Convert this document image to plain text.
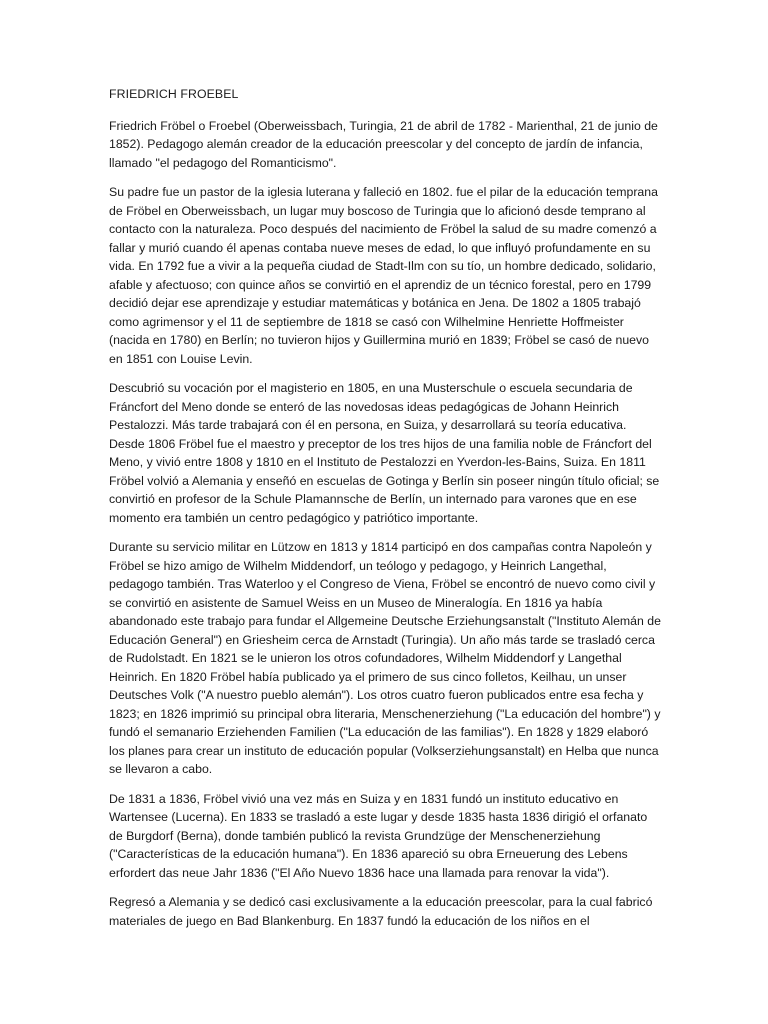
FRIEDRICH FROEBEL

Friedrich Fröbel o Froebel (Oberweissbach, Turingia, 21 de abril de 1782 - Marienthal, 21 de junio de 1852). Pedagogo alemán creador de la educación preescolar y del concepto de jardín de infancia, llamado "el pedagogo del Romanticismo".

Su padre fue un pastor de la iglesia luterana y falleció en 1802. fue el pilar de la educación temprana de Fröbel en Oberweissbach, un lugar muy boscoso de Turingia que lo aficionó desde temprano al contacto con la naturaleza. Poco después del nacimiento de Fröbel la salud de su madre comenzó a fallar y murió cuando él apenas contaba nueve meses de edad, lo que influyó profundamente en su vida. En 1792 fue a vivir a la pequeña ciudad de Stadt-Ilm con su tío, un hombre dedicado, solidario, afable y afectuoso; con quince años se convirtió en el aprendiz de un técnico forestal, pero en 1799 decidió dejar ese aprendizaje y estudiar matemáticas y botánica en Jena. De 1802 a 1805 trabajó como agrimensor y el 11 de septiembre de 1818 se casó con Wilhelmine Henriette Hoffmeister (nacida en 1780) en Berlín; no tuvieron hijos y Guillermina murió en 1839; Fröbel se casó de nuevo en 1851 con Louise Levin.

Descubrió su vocación por el magisterio en 1805, en una Musterschule o escuela secundaria de Fráncfort del Meno donde se enteró de las novedosas ideas pedagógicas de Johann Heinrich Pestalozzi. Más tarde trabajará con él en persona, en Suiza, y desarrollará su teoría educativa. Desde 1806 Fröbel fue el maestro y preceptor de los tres hijos de una familia noble de Fráncfort del Meno, y vivió entre 1808 y 1810 en el Instituto de Pestalozzi en Yverdon-les-Bains, Suiza. En 1811 Fröbel volvió a Alemania y enseñó en escuelas de Gotinga y Berlín sin poseer ningún título oficial; se convirtió en profesor de la Schule Plamannsche de Berlín, un internado para varones que en ese momento era también un centro pedagógico y patriótico importante.

Durante su servicio militar en Lützow en 1813 y 1814 participó en dos campañas contra Napoleón y Fröbel se hizo amigo de Wilhelm Middendorf, un teólogo y pedagogo, y Heinrich Langethal, pedagogo también. Tras Waterloo y el Congreso de Viena, Fröbel se encontró de nuevo como civil y se convirtió en asistente de Samuel Weiss en un Museo de Mineralogía. En 1816 ya había abandonado este trabajo para fundar el Allgemeine Deutsche Erziehungsanstalt ("Instituto Alemán de Educación General") en Griesheim cerca de Arnstadt (Turingia). Un año más tarde se trasladó cerca de Rudolstadt. En 1821 se le unieron los otros cofundadores, Wilhelm Middendorf y Langethal Heinrich. En 1820 Fröbel había publicado ya el primero de sus cinco folletos, Keilhau, un unser Deutsches Volk ("A nuestro pueblo alemán"). Los otros cuatro fueron publicados entre esa fecha y 1823; en 1826 imprimió su principal obra literaria, Menschenerziehung ("La educación del hombre") y fundó el semanario Erziehenden Familien ("La educación de las familias"). En 1828 y 1829 elaboró los planes para crear un instituto de educación popular (Volkserziehungsanstalt) en Helba que nunca se llevaron a cabo.

De 1831 a 1836, Fröbel vivió una vez más en Suiza y en 1831 fundó un instituto educativo en Wartensee (Lucerna). En 1833 se trasladó a este lugar y desde 1835 hasta 1836 dirigió el orfanato de Burgdorf (Berna), donde también publicó la revista Grundzüge der Menschenerziehung ("Características de la educación humana"). En 1836 apareció su obra Erneuerung des Lebens erfordert das neue Jahr 1836 ("El Año Nuevo 1836 hace una llamada para renovar la vida").

Regresó a Alemania y se dedicó casi exclusivamente a la educación preescolar, para la cual fabricó materiales de juego en Bad Blankenburg. En 1837 fundó la educación de los niños en el
